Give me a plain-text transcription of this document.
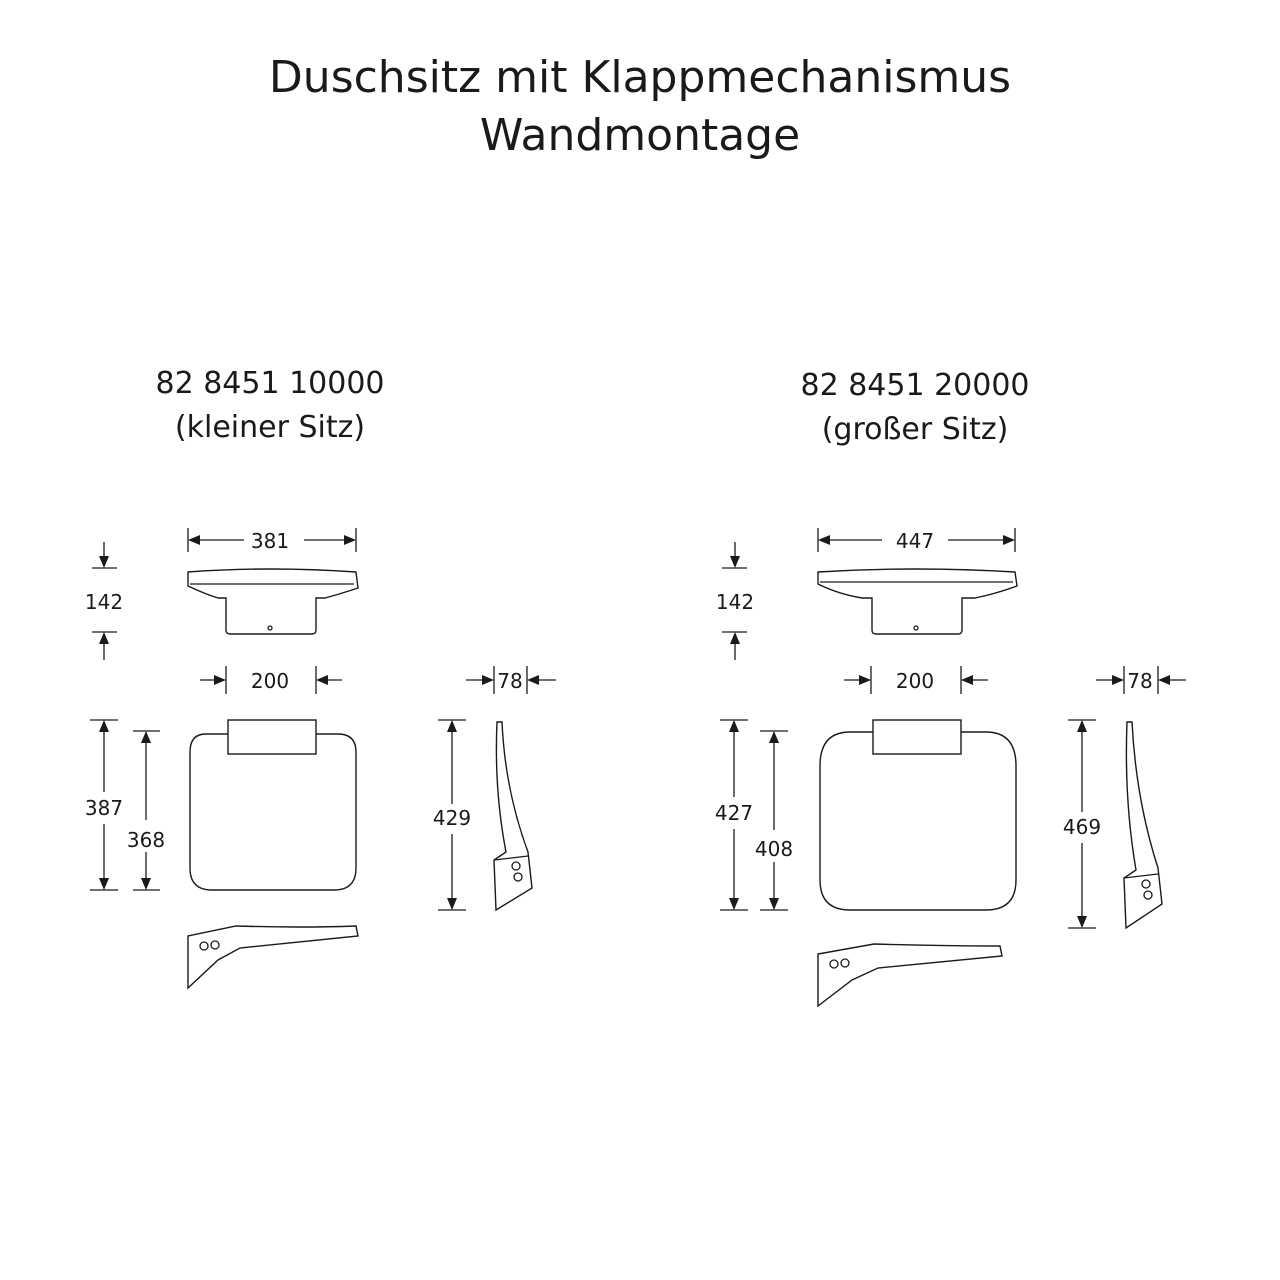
Duschsitz mit Klappmechanismus
Wandmontage
82 8451 10000
(kleiner Sitz)
82 8451 20000
(großer Sitz)
381
142
200
387
368
78
429
447
142
200
427
408
78
469
